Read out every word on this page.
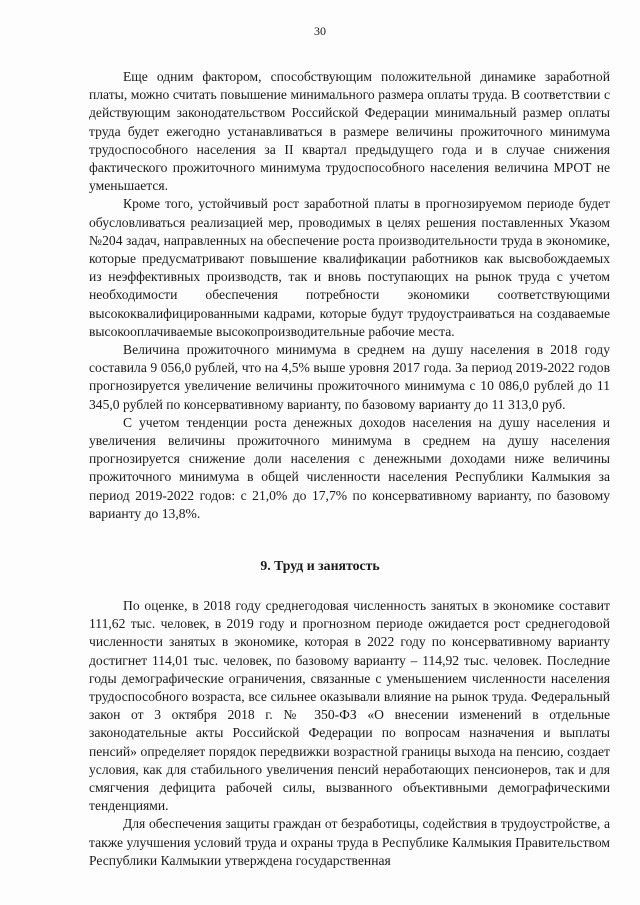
30

Еще одним фактором, способствующим положительной динамике заработной платы, можно считать повышение минимального размера оплаты труда. В соответствии с действующим законодательством Российской Федерации минимальный размер оплаты труда будет ежегодно устанавливаться в размере величины прожиточного минимума трудоспособного населения за II квартал предыдущего года и в случае снижения фактического прожиточного минимума трудоспособного населения величина МРОТ не уменьшается.

Кроме того, устойчивый рост заработной платы в прогнозируемом периоде будет обусловливаться реализацией мер, проводимых в целях решения поставленных Указом №204 задач, направленных на обеспечение роста производительности труда в экономике, которые предусматривают повышение квалификации работников как высвобождаемых из неэффективных производств, так и вновь поступающих на рынок труда с учетом необходимости обеспечения потребности экономики соответствующими высококвалифицированными кадрами, которые будут трудоустраиваться на создаваемые высокооплачиваемые высокопроизводительные рабочие места.

Величина прожиточного минимума в среднем на душу населения в 2018 году составила 9 056,0 рублей, что на 4,5% выше уровня 2017 года. За период 2019-2022 годов прогнозируется увеличение величины прожиточного минимума с 10 086,0 рублей до 11 345,0 рублей по консервативному варианту, по базовому варианту до 11 313,0 руб.

С учетом тенденции роста денежных доходов населения на душу населения и увеличения величины прожиточного минимума в среднем на душу населения прогнозируется снижение доли населения с денежными доходами ниже величины прожиточного минимума в общей численности населения Республики Калмыкия за период 2019-2022 годов: с 21,0% до 17,7% по консервативному варианту, по базовому варианту до 13,8%.

9. Труд и занятость

По оценке, в 2018 году среднегодовая численность занятых в экономике составит 111,62 тыс. человек, в 2019 году и прогнозном периоде ожидается рост среднегодовой численности занятых в экономике, которая в 2022 году по консервативному варианту достигнет 114,01 тыс. человек, по базовому варианту – 114,92 тыс. человек. Последние годы демографические ограничения, связанные с уменьшением численности населения трудоспособного возраста, все сильнее оказывали влияние на рынок труда. Федеральный закон от 3 октября 2018 г. № 350-ФЗ «О внесении изменений в отдельные законодательные акты Российской Федерации по вопросам назначения и выплаты пенсий» определяет порядок передвижки возрастной границы выхода на пенсию, создает условия, как для стабильного увеличения пенсий неработающих пенсионеров, так и для смягчения дефицита рабочей силы, вызванного объективными демографическими тенденциями.

Для обеспечения защиты граждан от безработицы, содействия в трудоустройстве, а также улучшения условий труда и охраны труда в Республике Калмыкия Правительством Республики Калмыкии утверждена государственная
